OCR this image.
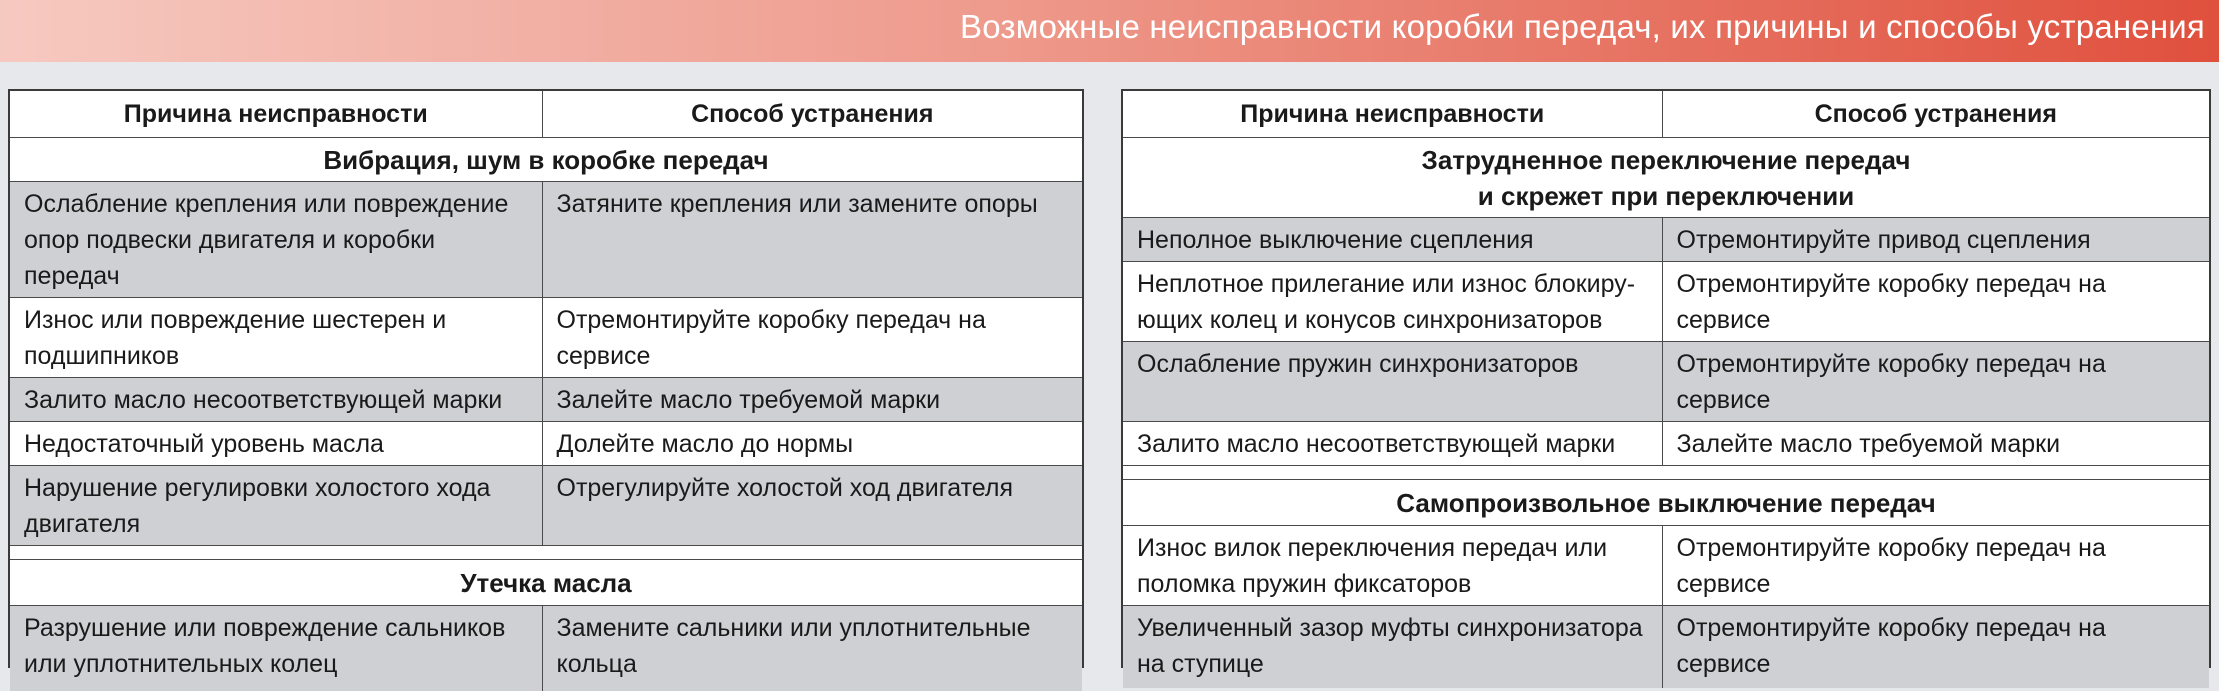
Возможные неисправности коробки передач, их причины и способы устранения
Причина неисправности	Способ устранения
Вибрация, шум в коробке передач	
Ослабление крепления или повреждение опор подвески двигателя и коробки передач	Затяните крепления или замените опоры
Износ или повреждение шестерен и подшипников	Отремонтируйте коробку передач на сервисе
Залито масло несоответствующей марки	Залейте масло требуемой марки
Недостаточный уровень масла	Долейте масло до нормы
Нарушение регулировки холостого хода двигателя	Отрегулируйте холостой ход двигателя

Утечка масла	
Разрушение или повреждение сальников или уплотнительных колец	Замените сальники или уплотнительные кольца
Причина неисправности	Способ устранения

Затрудненное переключение передач
и скрежет при переключении	

Неполное выключение сцепления	Отремонтируйте привод сцепления
Неплотное прилегание или износ блокиру-ющих колец и конусов синхронизаторов	Отремонтируйте коробку передач на сервисе
Ослабление пружин синхронизаторов	Отремонтируйте коробку передач на сервисе
Залито масло несоответствующей марки	Залейте масло требуемой марки

Самопроизвольное выключение передач	
Износ вилок переключения передач или поломка пружин фиксаторов	Отремонтируйте коробку передач на сервисе
Увеличенный зазор муфты синхронизатора на ступице	Отремонтируйте коробку передач на сервисе
